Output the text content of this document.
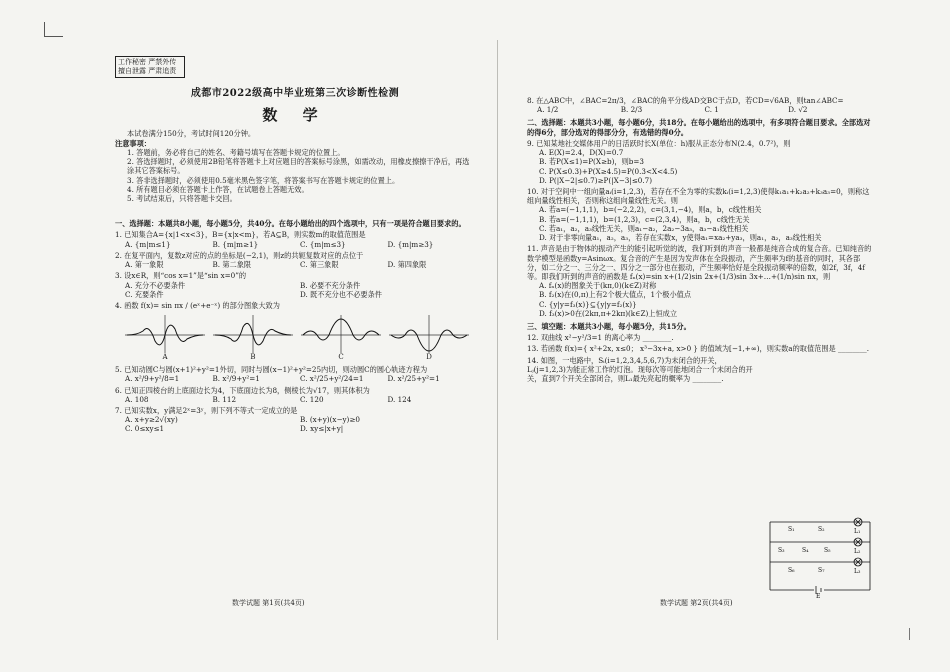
工作秘密 严禁外传
擅自泄露 严肃追责
成都市2022级高中毕业班第三次诊断性检测
数 学

本试卷满分150分，考试时间120分钟。

注意事项：

1. 答题前，务必将自己的姓名、考籍号填写在答题卡规定的位置上。

2. 答选择题时，必须使用2B铅笔将答题卡上对应题目的答案标号涂黑，如需改动，用橡皮擦擦干净后，再选涂其它答案标号。

3. 答非选择题时，必须使用0.5毫米黑色签字笔，将答案书写在答题卡规定的位置上。

4. 所有题目必须在答题卡上作答，在试题卷上答题无效。

5. 考试结束后，只将答题卡交回。

一、选择题：本题共8小题，每小题5分，共40分。在每小题给出的四个选项中，只有一项是符合题目要求的。

1. 已知集合A={x|1<x<3}，B={x|x<m}，若A⊆B，则实数m的取值范围是

A. {m|m≤1}	B. {m|m≥1}	C. {m|m≤3}	D. {m|m≥3}

2. 在复平面内，复数z对应的点的坐标是(−2,1)，则z的共轭复数对应的点位于

A. 第一象限	B. 第二象限	C. 第三象限	D. 第四象限

3. 设x∈R，则“cos x=1”是“sin x=0”的

A. 充分不必要条件	B. 必要不充分条件
C. 充要条件	D. 既不充分也不必要条件

4. 函数 f(x)= sin πx / (eˣ+e⁻ˣ) 的部分图象大致为

A	B	C	D

5. 已知动圆C与圆(x+1)²+y²=1外切，同时与圆(x−1)²+y²=25内切，则动圆C的圆心轨迹方程为

A. x²/9+y²/8=1	B. x²/9+y²=1	C. x²/25+y²/24=1	D. x²/25+y²=1

6. 已知正四棱台的上底面边长为4，下底面边长为8，侧棱长为√17，则其体积为

A. 108	B. 112	C. 120	D. 124

7. 已知实数x，y满足2ˣ=3ʸ，则下列不等式一定成立的是

A. x+y≥2√(xy)	B. (x+y)(x−y)≥0
C. 0≤xy≤1	D. xy≤|x+y|
数学试题 第1页(共4页)

8. 在△ABC中，∠BAC=2π/3，∠BAC的角平分线AD交BC于点D，若CD=√6AB，则tan∠ABC=

A. 1/2	B. 2/3	C. 1	D. √2

二、选择题：本题共3小题，每小题6分，共18分。在每小题给出的选项中，有多项符合题目要求。全部选对的得6分，部分选对的得部分分，有选错的得0分。

9. 已知某地社交媒体用户的日活跃时长X(单位：h)服从正态分布N(2.4，0.7²)，则

A. E(X)=2.4，D(X)=0.7

B. 若P(X≤1)=P(X≥b)，则b=3

C. P(X≤0.3)+P(X≥4.5)=P(0.3<X<4.5)

D. P(|X−2|≤0.7)≥P(|X−3|≤0.7)

10. 对于空间中一组向量aᵢ(i=1,2,3)，若存在不全为零的实数kᵢ(i=1,2,3)使得k₁a₁+k₂a₂+k₃a₃=0，则称这组向量线性相关，否则称这组向量线性无关。则

A. 若a=(−1,1,1)，b=(−2,2,2)，c=(3,1,−4)，则a，b，c线性相关

B. 若a=(−1,1,1)，b=(1,2,3)，c=(2,3,4)，则a，b，c线性无关

C. 若a₁，a₂，a₃线性无关，则a₁−a₂，2a₂−3a₃，a₃−a₁线性相关

D. 对于非零向量a₁，a₂，a₃，若存在实数x，y使得a₁=xa₂+ya₃，则a₁，a₂，a₃线性相关

11. 声音是由于物体的振动产生的能引起听觉的波，我们听到的声音一般都是纯音合成的复合音。已知纯音的数学模型是函数y=Asinωx。复合音的产生是因为发声体在全段振动，产生频率为f的基音的同时，其各部分，如二分之一、三分之一、四分之一部分也在振动，产生频率恰好是全段振动频率的倍数，如2f，3f，4f等。即我们听到的声音的函数是 fₙ(x)=sin x+(1/2)sin 2x+(1/3)sin 3x+…+(1/n)sin nx，则

A. fₙ(x)的图象关于(kπ,0)(k∈Z)对称

B. f₂(x)在(0,π)上有2个极大值点，1个极小值点

C. {y|y=f₃(x)}⊆{y|y=f₂(x)}

D. f₃(x)>0在(2kπ,π+2kπ)(k∈Z)上恒成立

三、填空题：本题共3小题，每小题5分，共15分。

12. 双曲线 x²−y²/3=1 的离心率为 ________.
13. 若函数 f(x)={ x²+2x, x≤0； x³−3x+a, x>0 } 的值域为[−1,+∞)，则实数a的取值范围是 ________.
14. 如图，一电路中，Sᵢ(i=1,2,3,4,5,6,7)为未闭合的开关，Lⱼ(j=1,2,3)为能正常工作的灯泡。现每次等可能地闭合一个未闭合的开关，直到7个开关全部闭合，则L₁最先亮起的概率为 ________.
S₁	S₂
S₃	S₄	S₅
S₆	S₇
L₁
L₂
L₃
E
数学试题 第2页(共4页)
